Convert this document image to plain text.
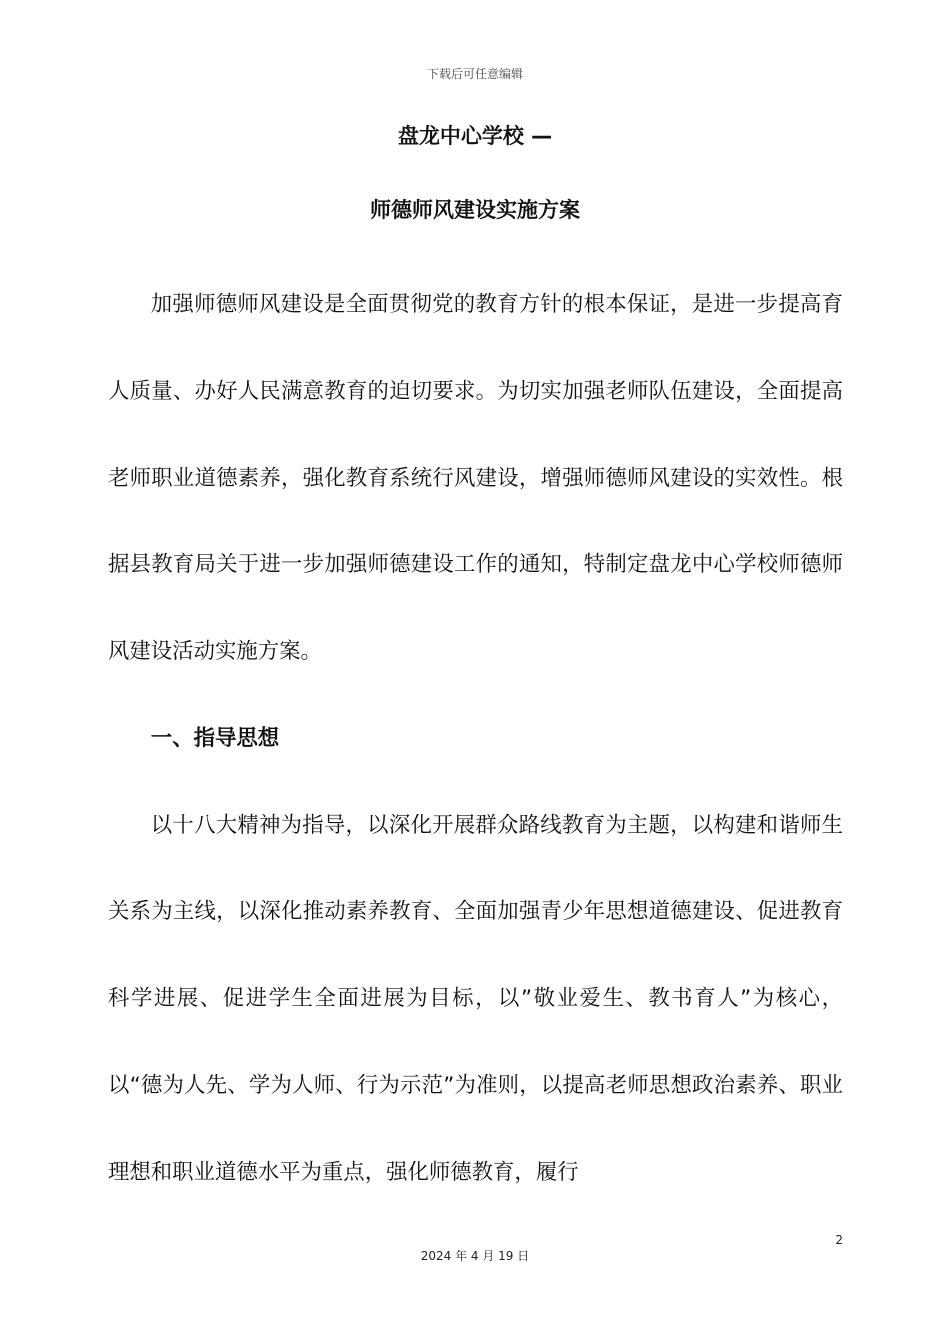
下载后可任意编辑
盘龙中心学校 —
师德师风建设实施方案

加强师德师风建设是全面贯彻党的教育方针的根本保证，是进一步提高育人质量、办好人民满意教育的迫切要求。为切实加强老师队伍建设，全面提高老师职业道德素养，强化教育系统行风建设，增强师德师风建设的实效性。根据县教育局关于进一步加强师德建设工作的通知，特制定盘龙中心学校师德师风建设活动实施方案。

一、指导思想

以十八大精神为指导，以深化开展群众路线教育为主题，以构建和谐师生关系为主线，以深化推动素养教育、全面加强青少年思想道德建设、促进教育科学进展、促进学生全面进展为目标，以”敬业爱生、教书育人”为核心，以“德为人先、学为人师、行为示范”为准则，以提高老师思想政治素养、职业理想和职业道德水平为重点，强化师德教育，履行

2
2024 年 4 月 19 日
